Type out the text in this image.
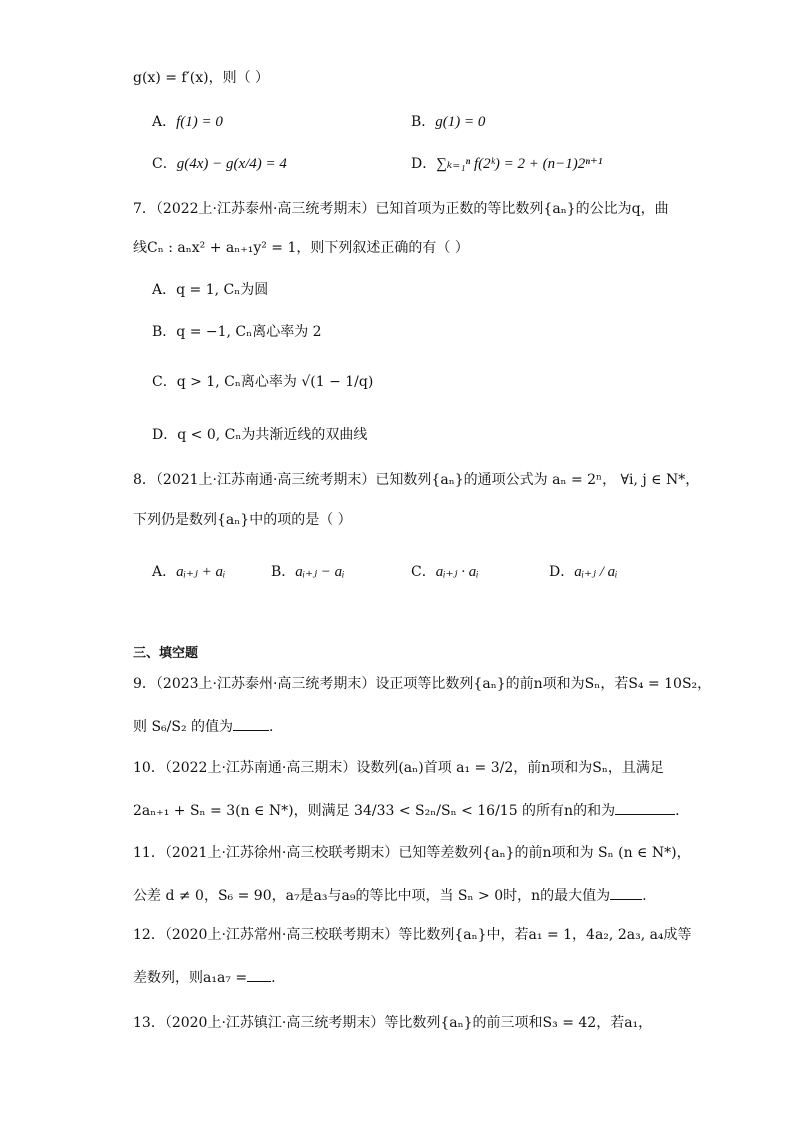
g(x) = f′(x)，则（ ）
A．f(1) = 0	B．g(1) = 0
C．g(4x) − g(x/4) = 4	D．∑ₖ₌₁ⁿ f(2ᵏ) = 2 + (n−1)2ⁿ⁺¹
7．（2022上·江苏泰州·高三统考期末）已知首项为正数的等比数列{aₙ}的公比为q，曲
线Cₙ : aₙx² + aₙ₊₁y² = 1，则下列叙述正确的有（ ）
A．q = 1, Cₙ为圆
B．q = −1, Cₙ离心率为 2
C．q > 1, Cₙ离心率为 √(1 − 1/q)
D．q < 0, Cₙ为共渐近线的双曲线
8．（2021上·江苏南通·高三统考期末）已知数列{aₙ}的通项公式为 aₙ = 2ⁿ， ∀i, j ∈ N*，
下列仍是数列{aₙ}中的项的是（ ）
A．aᵢ₊ⱼ + aᵢ	B．aᵢ₊ⱼ − aᵢ	C．aᵢ₊ⱼ · aᵢ	D．aᵢ₊ⱼ / aᵢ
三、填空题
9．（2023上·江苏泰州·高三统考期末）设正项等比数列{aₙ}的前n项和为Sₙ，若S₄ = 10S₂，
则 S₆/S₂ 的值为	.
10．（2022上·江苏南通·高三期末）设数列(aₙ)首项 a₁ = 3/2，前n项和为Sₙ，且满足
2aₙ₊₁ + Sₙ = 3(n ∈ N*)，则满足 34/33 < S₂ₙ/Sₙ < 16/15 的所有n的和为	.
11．（2021上·江苏徐州·高三校联考期末）已知等差数列{aₙ}的前n项和为 Sₙ (n ∈ N*)，
公差 d ≠ 0，S₆ = 90，a₇是a₃与a₉的等比中项，当 Sₙ > 0时，n的最大值为 .
12．（2020上·江苏常州·高三校联考期末）等比数列{aₙ}中，若a₁ = 1，4a₂, 2a₃, a₄成等
差数列，则a₁a₇ = .
13．（2020上·江苏镇江·高三统考期末）等比数列{aₙ}的前三项和S₃ = 42，若a₁，
